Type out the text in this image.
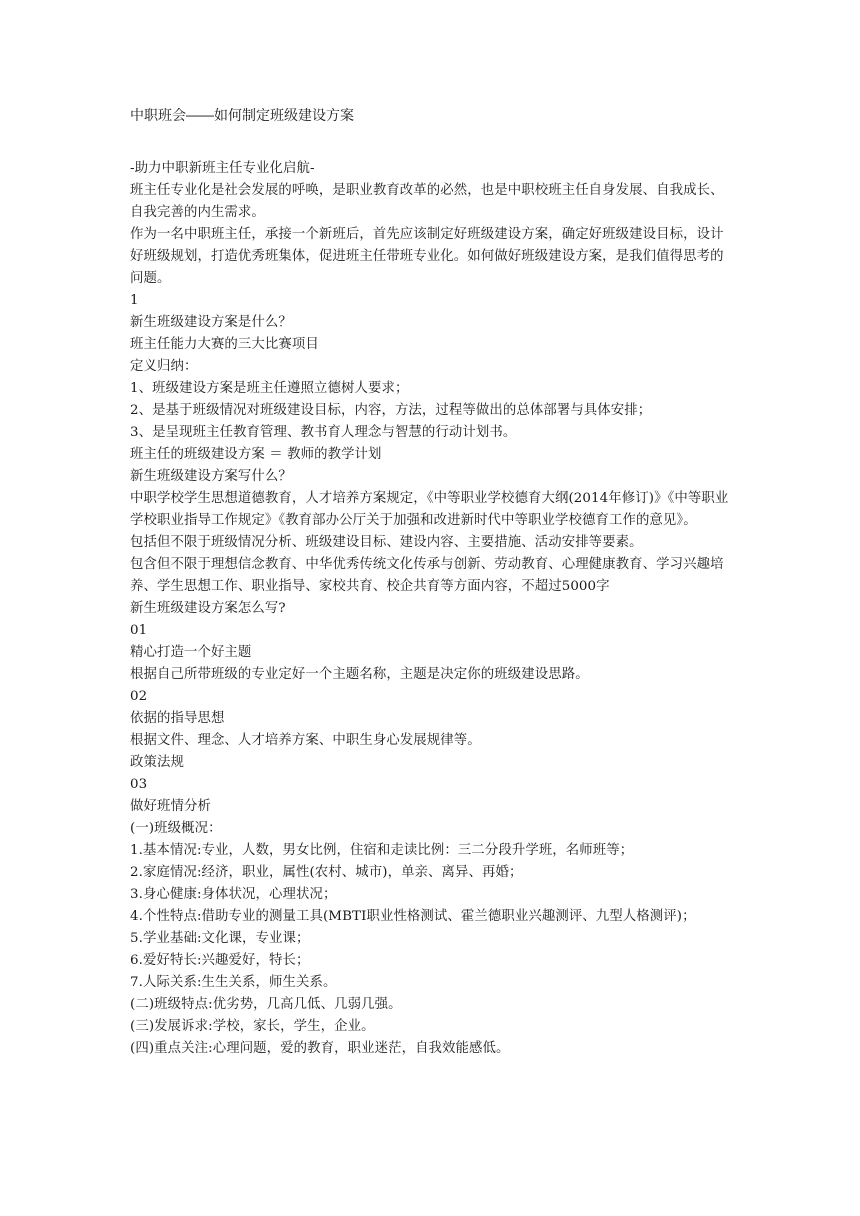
中职班会――如何制定班级建设方案

-助力中职新班主任专业化启航-

班主任专业化是社会发展的呼唤，是职业教育改革的必然，也是中职校班主任自身发展、自我成长、自我完善的内生需求。

作为一名中职班主任，承接一个新班后，首先应该制定好班级建设方案，确定好班级建设目标，设计好班级规划，打造优秀班集体，促进班主任带班专业化。如何做好班级建设方案，是我们值得思考的问题。

1

新生班级建设方案是什么？

班主任能力大赛的三大比赛项目

定义归纳：

1、班级建设方案是班主任遵照立德树人要求；

2、是基于班级情况对班级建设目标，内容，方法，过程等做出的总体部署与具体安排；

3、是呈现班主任教育管理、教书育人理念与智慧的行动计划书。

班主任的班级建设方案 ＝ 教师的教学计划

新生班级建设方案写什么？

中职学校学生思想道德教育，人才培养方案规定，《中等职业学校德育大纲(2014年修订)》《中等职业学校职业指导工作规定》《教育部办公厅关于加强和改进新时代中等职业学校德育工作的意见》。

包括但不限于班级情况分析、班级建设目标、建设内容、主要措施、活动安排等要素。

包含但不限于理想信念教育、中华优秀传统文化传承与创新、劳动教育、心理健康教育、学习兴趣培养、学生思想工作、职业指导、家校共育、校企共育等方面内容，不超过5000字

新生班级建设方案怎么写?

01

精心打造一个好主题

根据自己所带班级的专业定好一个主题名称，主题是决定你的班级建设思路。

02

依据的指导思想

根据文件、理念、人才培养方案、中职生身心发展规律等。

政策法规

03

做好班情分析

(一)班级概况：

1.基本情况:专业，人数，男女比例，住宿和走读比例：三二分段升学班，名师班等；

2.家庭情况:经济，职业，属性(农村、城市)，单亲、离异、再婚；

3.身心健康:身体状况，心理状况；

4.个性特点:借助专业的测量工具(MBTI职业性格测试、霍兰德职业兴趣测评、九型人格测评)；

5.学业基础:文化课，专业课；

6.爱好特长:兴趣爱好，特长；

7.人际关系:生生关系，师生关系。

(二)班级特点:优劣势，几高几低、几弱几强。

(三)发展诉求:学校，家长，学生，企业。

(四)重点关注:心理问题，爱的教育，职业迷茫，自我效能感低。
